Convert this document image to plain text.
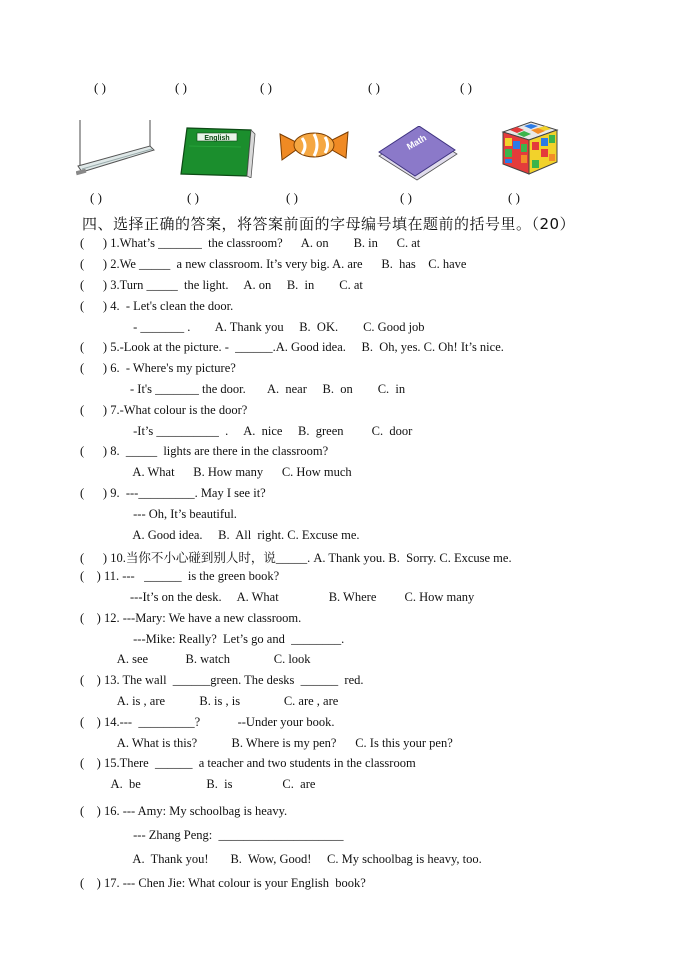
( )	( )	( )	( )	( )
English	Math
( )	( )	( )	( )	( )
四、选择正确的答案，将答案前面的字母编号填在题前的括号里。（20）
(      ) 1.What’s _______  the classroom?      A. on        B. in      C. at
(      ) 2.We _____  a new classroom. It’s very big. A. are      B.  has    C. have
(      ) 3.Turn _____  the light.     A. on     B.  in        C. at
(      ) 4.  - Let's clean the door.
- _______ .        A. Thank you     B.  OK.        C. Good job
(      ) 5.-Look at the picture. -  ______.A. Good idea.     B.  Oh, yes. C. Oh! It’s nice.
(      ) 6.  - Where's my picture?
- It's _______ the door.       A.  near     B.  on        C.  in
(      ) 7.-What colour is the door?
-It’s __________  .     A.  nice     B.  green         C.  door
(      ) 8.  _____  lights are there in the classroom?
A. What      B. How many      C. How much
(      ) 9.  ---_________. May I see it?
--- Oh, It’s beautiful.
A. Good idea.     B.  All  right. C. Excuse me.
(      ) 10.当你不小心碰到别人时，说_____. A. Thank you. B.  Sorry. C. Excuse me.
(    ) 11. ---   ______  is the green book?
---It’s on the desk.     A. What                B. Where         C. How many
(    ) 12. ---Mary: We have a new classroom.
---Mike: Really?  Let’s go and  ________.
A. see            B. watch              C. look
(    ) 13. The wall  ______green. The desks  ______  red.
A. is , are           B. is , is              C. are , are
(    ) 14.---  _________?            --Under your book.
A. What is this?           B. Where is my pen?      C. Is this your pen?
(    ) 15.There  ______  a teacher and two students in the classroom
A.  be                     B.  is                C.  are
(    ) 16. --- Amy: My schoolbag is heavy.
--- Zhang Peng:  ____________________
A.  Thank you!       B.  Wow, Good!     C. My schoolbag is heavy, too.
(    ) 17. --- Chen Jie: What colour is your English  book?
